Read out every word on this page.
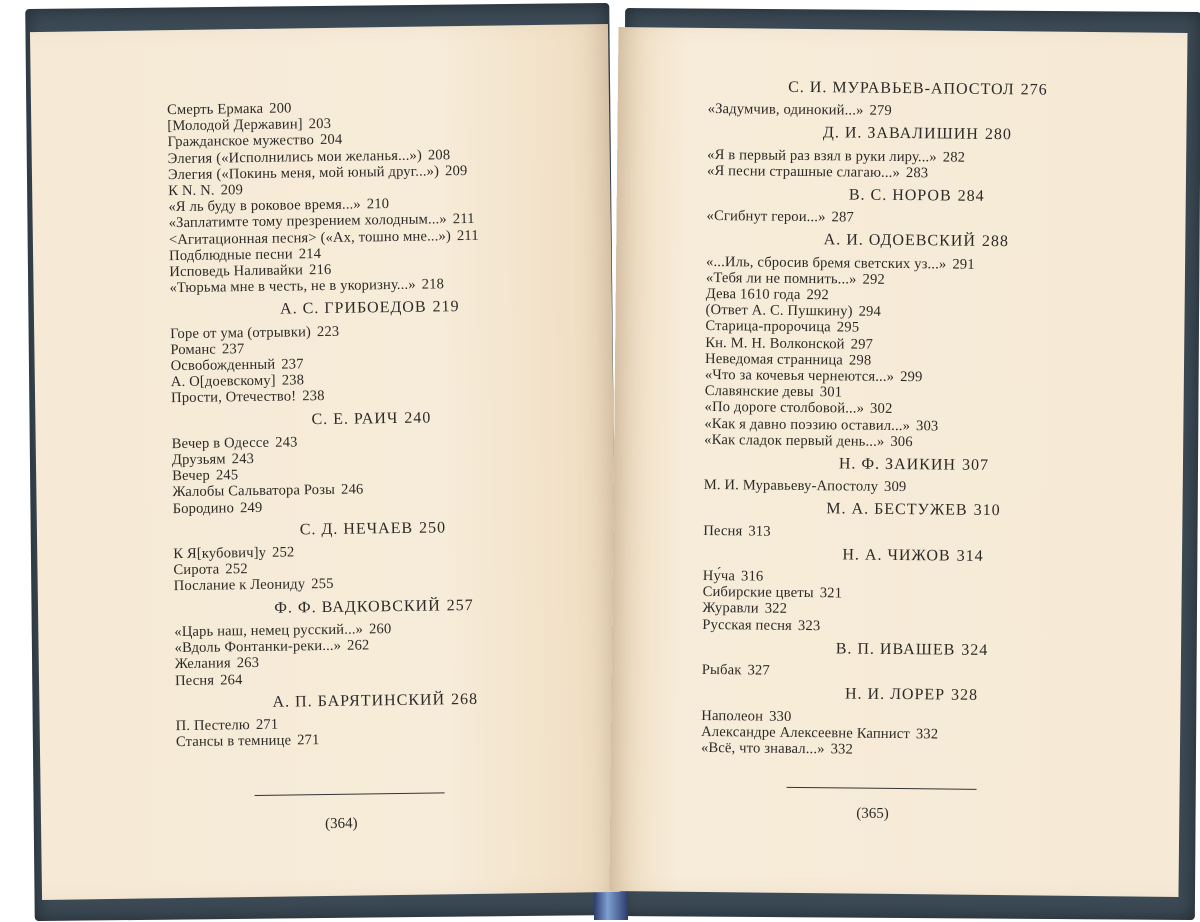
Смерть Ермака 200
[Молодой Державин] 203
Гражданское мужество 204
Элегия («Исполнились мои желанья...») 208
Элегия («Покинь меня, мой юный друг...») 209
К N. N. 209
«Я ль буду в роковое время...» 210
«Заплатимте тому презрением холодным...» 211
<Агитационная песня> («Ах, тошно мне...») 211
Подблюдные песни 214
Исповедь Наливайки 216
«Тюрьма мне в честь, не в укоризну...» 218
А. С. ГРИБОЕДОВ 219
Горе от ума (отрывки) 223
Романс 237
Освобожденный 237
А. О[доевскому] 238
Прости, Отечество! 238
С. Е. РАИЧ 240
Вечер в Одессе 243
Друзьям 243
Вечер 245
Жалобы Сальватора Розы 246
Бородино 249
С. Д. НЕЧАЕВ 250
К Я[кубович]у 252
Сирота 252
Послание к Леониду 255
Ф. Ф. ВАДКОВСКИЙ 257
«Царь наш, немец русский...» 260
«Вдоль Фонтанки-реки...» 262
Желания 263
Песня 264
А. П. БАРЯТИНСКИЙ 268
П. Пестелю 271
Стансы в темнице 271
(364)
С. И. МУРАВЬЕВ-АПОСТОЛ 276
«Задумчив, одинокий...» 279
Д. И. ЗАВАЛИШИН 280
«Я в первый раз взял в руки лиру...» 282
«Я песни страшные слагаю...» 283
В. С. НОРОВ 284
«Сгибнут герои...» 287
А. И. ОДОЕВСКИЙ 288
«...Иль, сбросив бремя светских уз...» 291
«Тебя ли не помнить...» 292
Дева 1610 года 292
(Ответ А. С. Пушкину) 294
Старица-пророчица 295
Кн. М. Н. Волконской 297
Неведомая странница 298
«Что за кочевья чернеются...» 299
Славянские девы 301
«По дороге столбовой...» 302
«Как я давно поэзию оставил...» 303
«Как сладок первый день...» 306
Н. Ф. ЗАИКИН 307
М. И. Муравьеву-Апостолу 309
М. А. БЕСТУЖЕВ 310
Песня 313
Н. А. ЧИЖОВ 314
Ну́ча 316
Сибирские цветы 321
Журавли 322
Русская песня 323
В. П. ИВАШЕВ 324
Рыбак 327
Н. И. ЛОРЕР 328
Наполеон 330
Александре Алексеевне Капнист 332
«Всё, что знавал...» 332
(365)
